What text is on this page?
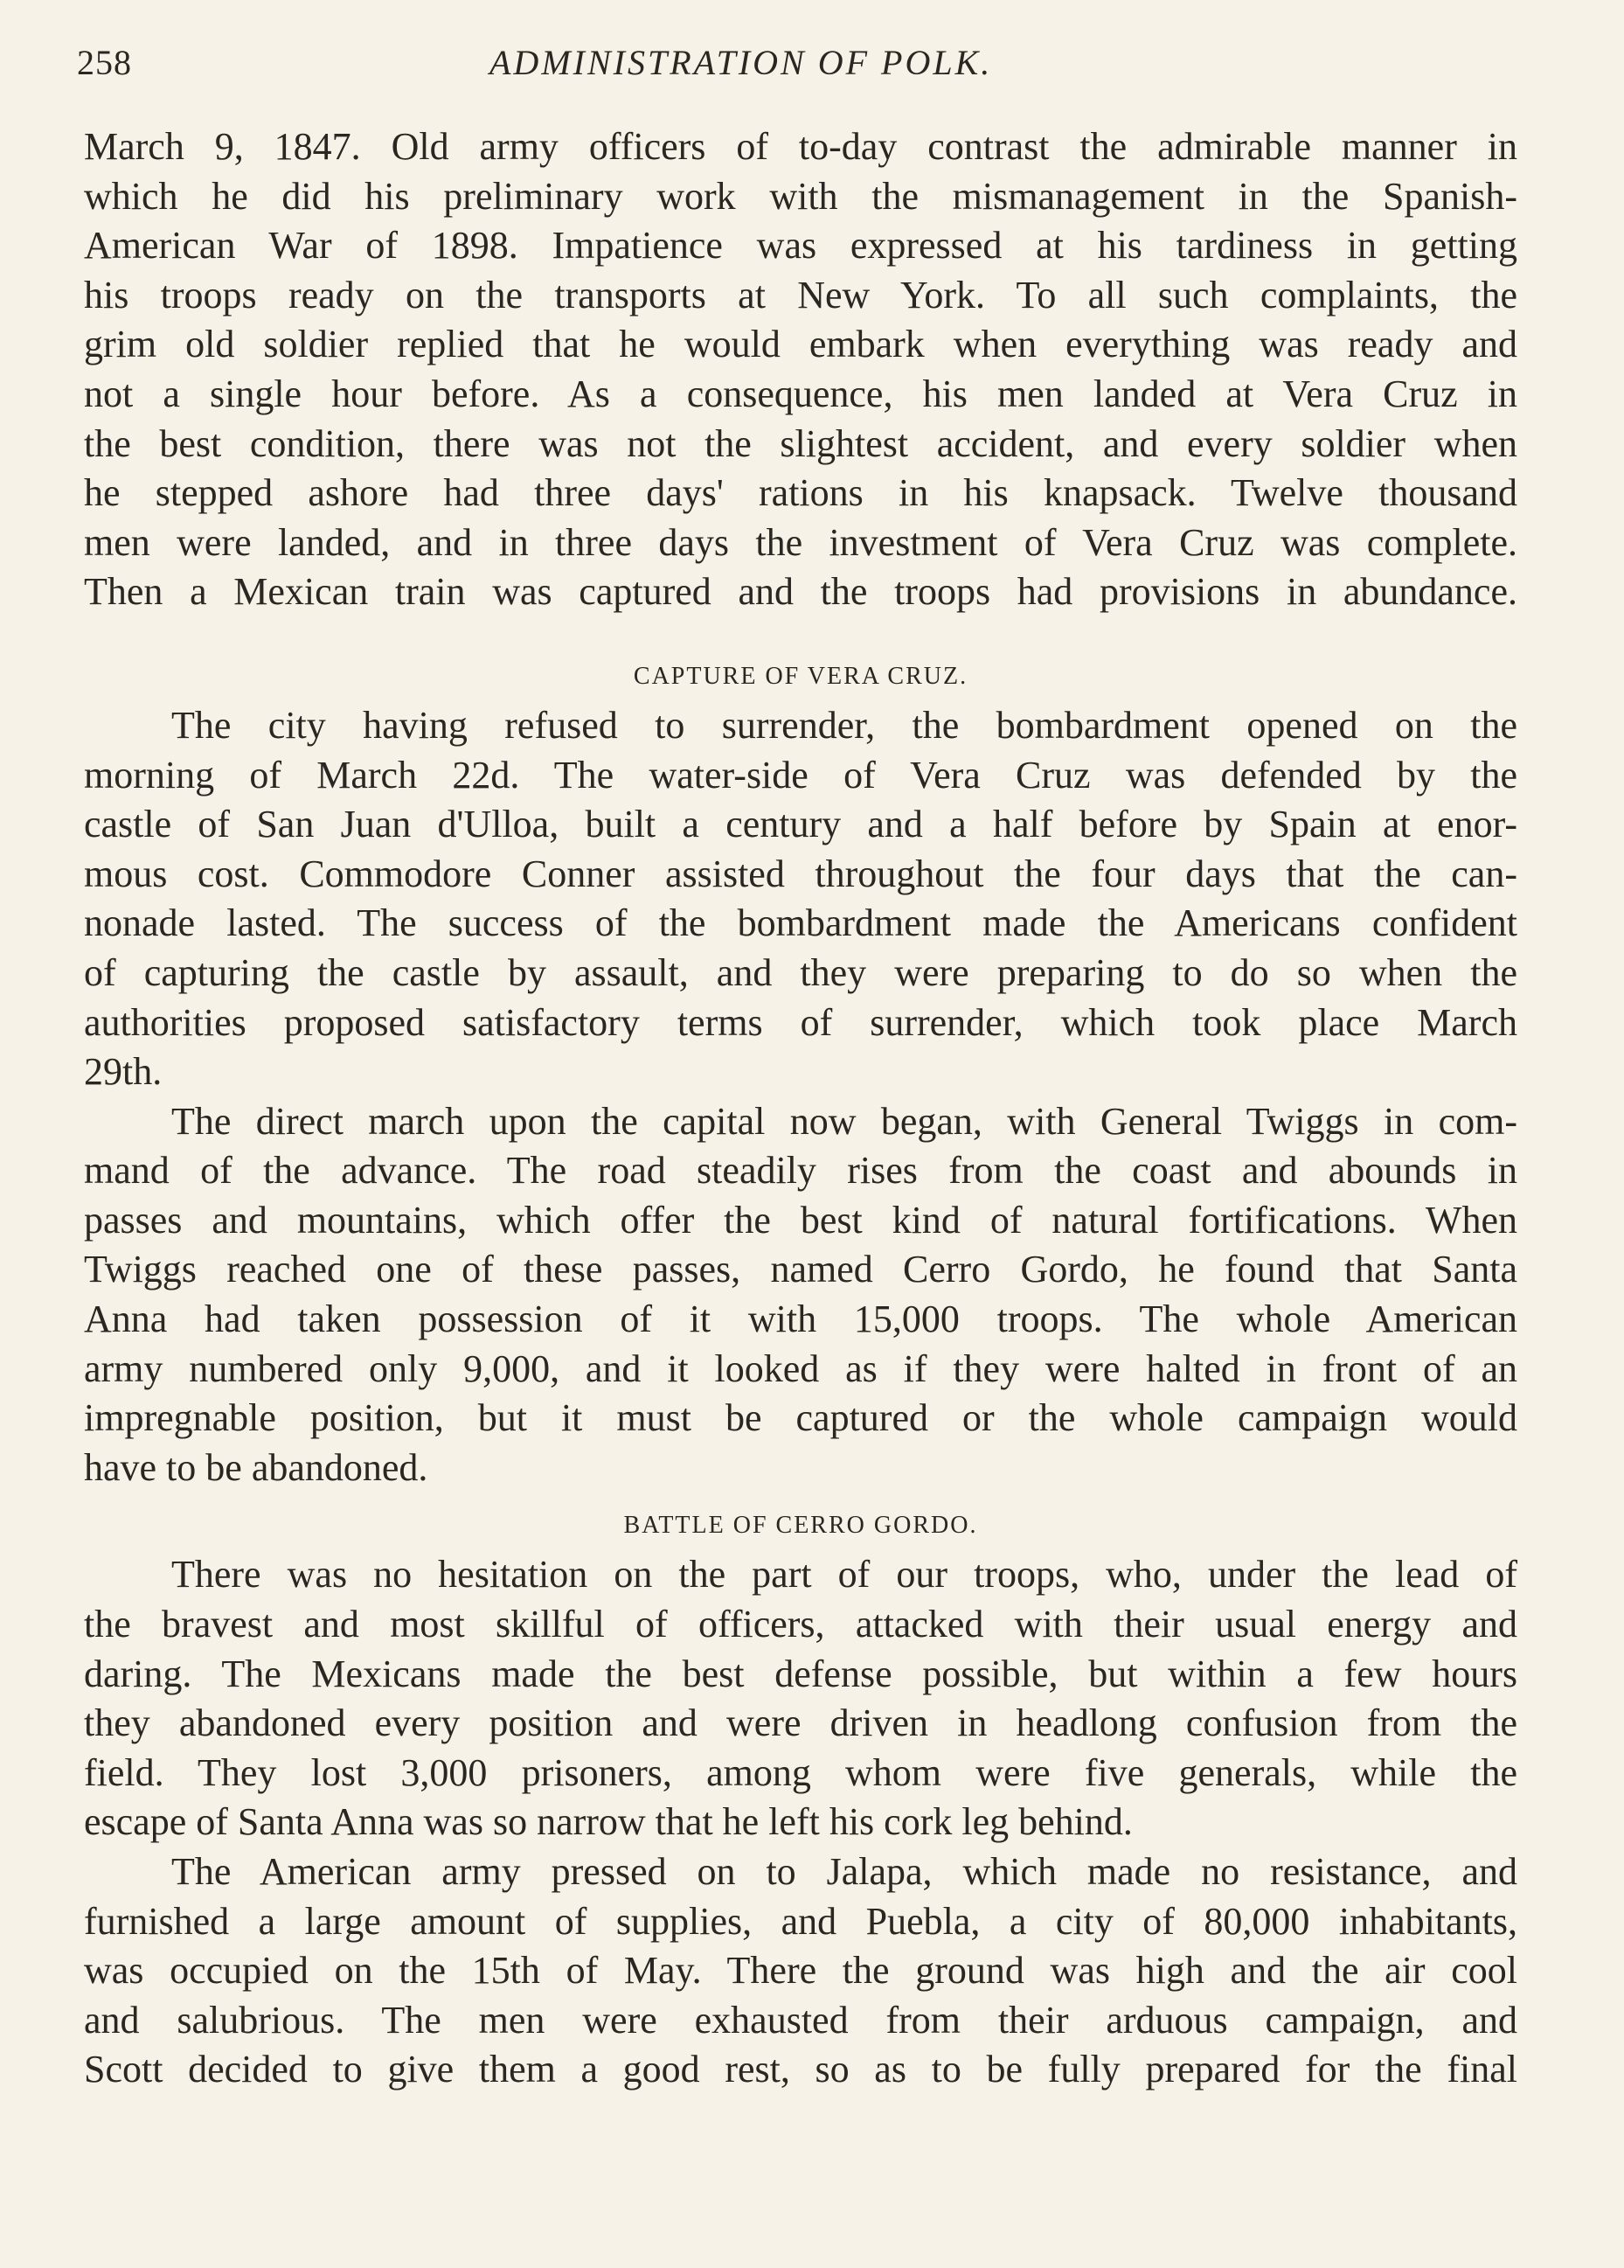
258	ADMINISTRATION OF POLK.
March 9, 1847. Old army officers of to-day contrast the admirable manner in
which he did his preliminary work with the mismanagement in the Spanish-
American War of 1898. Impatience was expressed at his tardiness in getting
his troops ready on the transports at New York. To all such complaints, the
grim old soldier replied that he would embark when everything was ready and
not a single hour before. As a consequence, his men landed at Vera Cruz in
the best condition, there was not the slightest accident, and every soldier when
he stepped ashore had three days' rations in his knapsack. Twelve thousand
men were landed, and in three days the investment of Vera Cruz was complete.
Then a Mexican train was captured and the troops had provisions in abundance.
CAPTURE OF VERA CRUZ.
The city having refused to surrender, the bombardment opened on the
morning of March 22d. The water-side of Vera Cruz was defended by the
castle of San Juan d'Ulloa, built a century and a half before by Spain at enor-
mous cost. Commodore Conner assisted throughout the four days that the can-
nonade lasted. The success of the bombardment made the Americans confident
of capturing the castle by assault, and they were preparing to do so when the
authorities proposed satisfactory terms of surrender, which took place March
29th.
The direct march upon the capital now began, with General Twiggs in com-
mand of the advance. The road steadily rises from the coast and abounds in
passes and mountains, which offer the best kind of natural fortifications. When
Twiggs reached one of these passes, named Cerro Gordo, he found that Santa
Anna had taken possession of it with 15,000 troops. The whole American
army numbered only 9,000, and it looked as if they were halted in front of an
impregnable position, but it must be captured or the whole campaign would
have to be abandoned.
BATTLE OF CERRO GORDO.
There was no hesitation on the part of our troops, who, under the lead of
the bravest and most skillful of officers, attacked with their usual energy and
daring. The Mexicans made the best defense possible, but within a few hours
they abandoned every position and were driven in headlong confusion from the
field. They lost 3,000 prisoners, among whom were five generals, while the
escape of Santa Anna was so narrow that he left his cork leg behind.
The American army pressed on to Jalapa, which made no resistance, and
furnished a large amount of supplies, and Puebla, a city of 80,000 inhabitants,
was occupied on the 15th of May. There the ground was high and the air cool
and salubrious. The men were exhausted from their arduous campaign, and
Scott decided to give them a good rest, so as to be fully prepared for the final
